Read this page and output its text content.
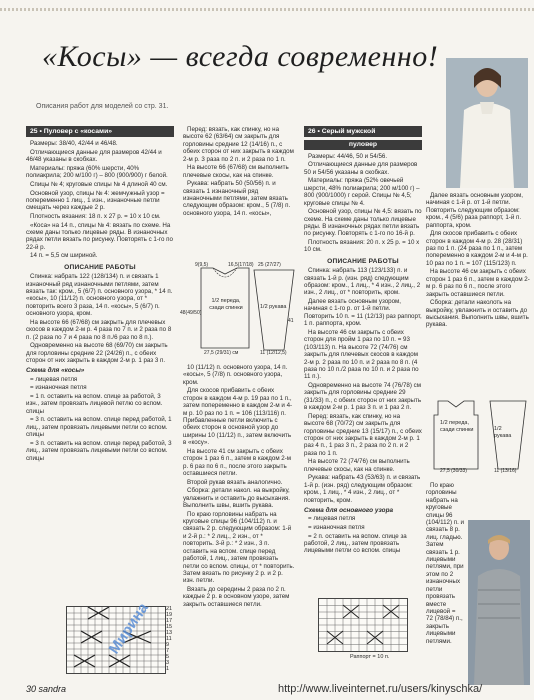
«Косы» — всегда современно!
Описания работ для моделей со стр. 31.
25 • Пуловер с «косами»

Размеры: 38/40, 42/44 и 46/48.

Отличающиеся данные для размеров 42/44 и 46/48 указаны в скобках.

Материалы: пряжа (60% шерсти, 40% полиакрила; 200 м/100 г) – 800 (900/900) г белой.

Спицы № 4; круговые спицы № 4 длиной 40 см.

Основной узор, спицы № 4: жемчужный узор = попеременно 1 лиц., 1 изн., изнаночные петли смещать через каждые 2 р.

Плотность вязания: 18 п. x 27 р. = 10 x 10 см.

«Коса» на 14 п., спицы № 4: вязать по схеме. На схеме даны только лицевые ряды. В изнаночных рядах петли вязать по рисунку. Повторять с 1-го по 22-й р.

14 п. = 5,5 см шириной.

ОПИСАНИЕ РАБОТЫ

Спинка: набрать 122 (128/134) п. и связать 1 изнаночный ряд изнаночными петлями, затем вязать так: кром., 5 (6/7) п. основного узора, * 14 п. «косы», 10 (11/12) п. основного узора, от * повторить всего 3 раза, 14 п. «косы», 5 (6/7) п. основного узора, кром.

На высоте 66 (67/68) см закрыть для плечевых скосов в каждом 2-м р. 4 раза по 7 п. и 2 раза по 8 п. (2 раза по 7 и 4 раза по 8 п./6 раз по 8 п.).

Одновременно на высоте 68 (69/70) см закрыть для горловины средние 22 (24/26) п., с обеих сторон от них закрыть в каждом 2-м р. 1 раз 3 п.

Схема для «косы»

= лицевая петля

= изнаночная петля

= 1 п. оставить на вспом. спице за работой, 3 изн., затем провязать лицевой петлю со вспом. спицы

= 3 п. оставить на вспом. спице перед работой, 1 лиц., затем провязать лицевыми петли со вспом. спицы

= 3 п. оставить на вспом. спице перед работой, 3 лиц., затем провязать лицевыми петли со вспом. спицы

21
19
17
15
13
11
9
7
5
3
1

Перед: вязать, как спинку, но на высоте 62 (63/64) см закрыть для горловины средние 12 (14/16) п., с обеих сторон от них закрыть в каждом 2-м р. 3 раза по 2 п. и 2 раза по 1 п.

На высоте 66 (67/68) см выполнить плечевые скосы, как на спинке.

Рукава: набрать 50 (50/56) п. и связать 1 изнаночный ряд изнаночными петлями, затем вязать следующим образом: кром., 5 (7/8) п. основного узора, 14 п. «косы»,

9(9,5)	16,5(17/18)
1/2 переда, сзади спинки
27,5 (29/31) см
48(49/50)
25 (27/27)
1/2 рукава
41
11 (12/12,5)

10 (11/12) п. основного узора, 14 п. «косы», 5 (7/8) п. основного узора, кром.

Для скосов прибавить с обеих сторон в каждом 4-м р. 19 раз по 1 п., затем попеременно в каждом 2-м и 4-м р. 10 раз по 1 п. = 106 (113/116) п. Прибавленные петли включить с обеих сторон в основной узор до ширины 10 (11/12) п., затем включить в «косу».

На высоте 41 см закрыть с обеих сторон 1 раз 6 п., затем в каждом 2-м р. 6 раз по 6 п., после этого закрыть оставшиеся петли.

Второй рукав вязать аналогично.

Сборка: детали накол. на выкройку, увлажнить и оставить до высыхания. Выполнить швы, вшить рукава.

По краю горловины набрать на круговые спицы 96 (104/112) п. и связать 2 р. следующим образом: 1-й и 2-й р.: * 2 лиц., 2 изн., от * повторить. 3-й р.: * 2 изн., 3 п. оставить на вспом. спице перед работой, 1 лиц., затем провязать петли со вспом. спицы, от * повторить. Затем вязать по рисунку 2 р. и 2 р. изн. петли.

Вязать до середины 2 раза по 2 п. каждые 2 р. в основном узоре, затем закрыть оставшиеся петли.

26 • Серый мужской
пуловер

Размеры: 44/46, 50 и 54/56.

Отличающиеся данные для размеров 50 и 54/56 указаны в скобках.

Материалы: пряжа (52% овечьей шерсти, 48% полиакрила; 200 м/100 г) – 800 (900/1000) г серой. Спицы № 4,5; круговые спицы № 4.

Основной узор, спицы № 4,5: вязать по схеме. На схеме даны только лицевые ряды. В изнаночных рядах петли вязать по рисунку. Повторять с 1-го по 16-й р.

Плотность вязания: 20 п. x 25 р. = 10 x 10 см.

ОПИСАНИЕ РАБОТЫ

Спинка: набрать 113 (123/133) п. и связать 1-й р. (изн. ряд) следующим образом: кром., 1 лиц., * 4 изн., 2 лиц., 2 изн., 2 лиц., от * повторить, кром.

Далее вязать основным узором, начиная с 1-го р. от 1-й петли. Повторить 10 п. = 11 (12/13) раз раппорт, 1 п. раппорта, кром.

На высоте 46 см закрыть с обеих сторон для пройм 1 раз по 10 п. = 93 (103/113) п. На высоте 72 (74/76) см закрыть для плечевых скосов в каждом 2-м р. 2 раза по 10 п. и 2 раза по 8 п. (4 раза по 10 п./2 раза по 10 п. и 2 раза по 11 п.).

Одновременно на высоте 74 (76/78) см закрыть для горловины средние 29 (31/33) п., с обеих сторон от них закрыть в каждом 2-м р. 1 раз 3 п. и 1 раз 2 п.

Перед: вязать, как спинку, но на высоте 68 (70/72) см закрыть для горловины средние 13 (15/17) п., с обеих сторон от них закрыть в каждом 2-м р. 1 раз 4 п., 1 раз 3 п., 2 раза по 2 п. и 2 раза по 1 п.

На высоте 72 (74/76) см выполнить плечевые скосы, как на спинке.

Рукава: набрать 43 (53/63) п. и связать 1-й р. (изн. ряд) следующим образом: кром., 1 лиц., * 4 изн., 2 лиц., от * повторить, кром.

Схема для основного узора

= лицевая петля

= изнаночная петля

= 2 п. оставить на вспом. спице за работой, 2 лиц., затем провязать лицевыми петли со вспом. спицы

Раппорт = 10 п.

Далее вязать основным узором, начиная с 1-й р. от 1-й петли. Повторить следующим образом: кром., 4 (5/6) раза раппорт, 1-й п. раппорта, кром.

Для скосов прибавить с обеих сторон в каждом 4-м р. 28 (28/31) раз по 1 п. (24 раза по 1 п., затем попеременно в каждом 2-м и 4-м р. 10 раз по 1 п. = 107 (115/123) п.

На высоте 46 см закрыть с обеих сторон 1 раз 6 п., затем в каждом 2-м р. 6 раз по 6 п., после этого закрыть оставшиеся петли.

Сборка: детали наколоть на выкройку, увлажнить и оставить до высыхания. Выполнить швы, вшить рукава.

1/2 переда, сзади спинки
27,5 (30/33)
1/2 рукава
11 (13/16)

По краю горловины набрать на круговые спицы 96 (104/112) п. и связать 8 р. лиц. гладью. Затем связать 1 р. лицевыми петлями, при этом по 2 изнаночных петли провязать вместе лицевой = 72 (78/84) п., закрыть лицевыми петлями.

Мирина
30 sandra	http://www.liveinternet.ru/users/kinyschka/
